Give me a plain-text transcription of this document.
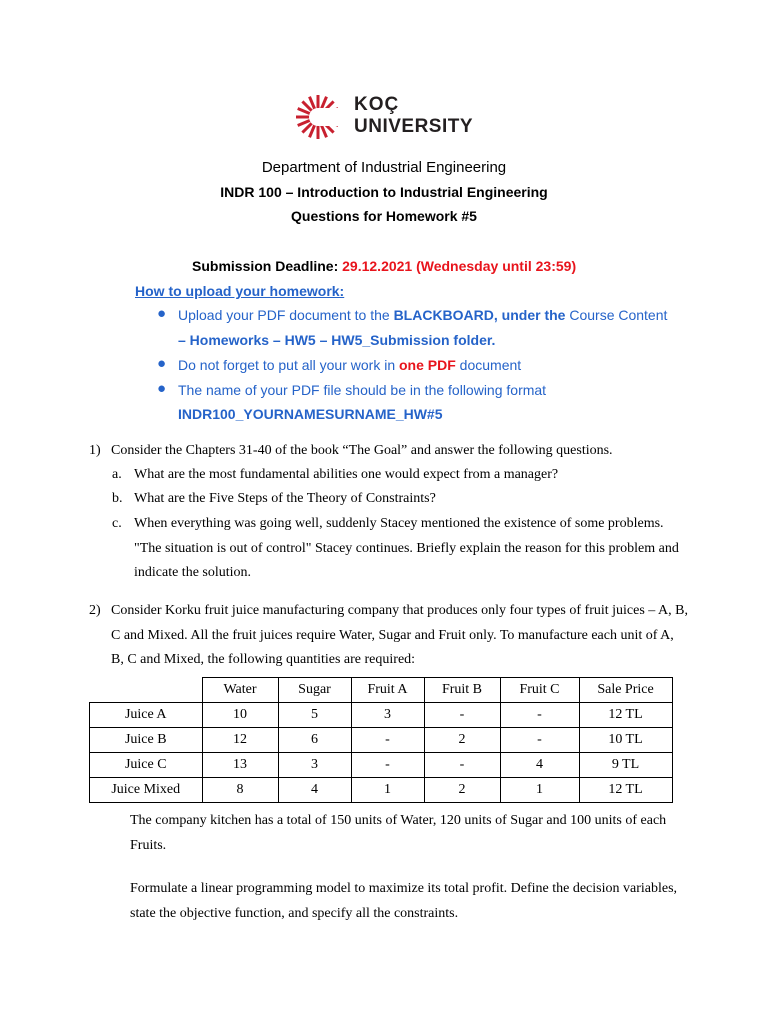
KOÇ
UNIVERSITY
Department of Industrial Engineering
INDR 100 – Introduction to Industrial Engineering
Questions for Homework #5
Submission Deadline: 29.12.2021 (Wednesday until 23:59)
How to upload your homework:
● Upload your PDF document to the BLACKBOARD, under the Course Content
– Homeworks – HW5 – HW5_Submission folder.
● Do not forget to put all your work in one PDF document
● The name of your PDF file should be in the following format
INDR100_YOURNAMESURNAME_HW#5
1) Consider the Chapters 31-40 of the book “The Goal” and answer the following questions.
a. What are the most fundamental abilities one would expect from a manager?
b. What are the Five Steps of the Theory of Constraints?
c. When everything was going well, suddenly Stacey mentioned the existence of some problems.
"The situation is out of control" Stacey continues. Briefly explain the reason for this problem and
indicate the solution.
2) Consider Korku fruit juice manufacturing company that produces only four types of fruit juices – A, B,
C and Mixed. All the fruit juices require Water, Sugar and Fruit only. To manufacture each unit of A,
B, C and Mixed, the following quantities are required:
	Water	Sugar	Fruit A	Fruit B	Fruit C	Sale Price
Juice A	10	5	3	-	-	12 TL
Juice B	12	6	-	2	-	10 TL
Juice C	13	3	-	-	4	9 TL
Juice Mixed	8	4	1	2	1	12 TL
The company kitchen has a total of 150 units of Water, 120 units of Sugar and 100 units of each
Fruits.
Formulate a linear programming model to maximize its total profit. Define the decision variables,
state the objective function, and specify all the constraints.
